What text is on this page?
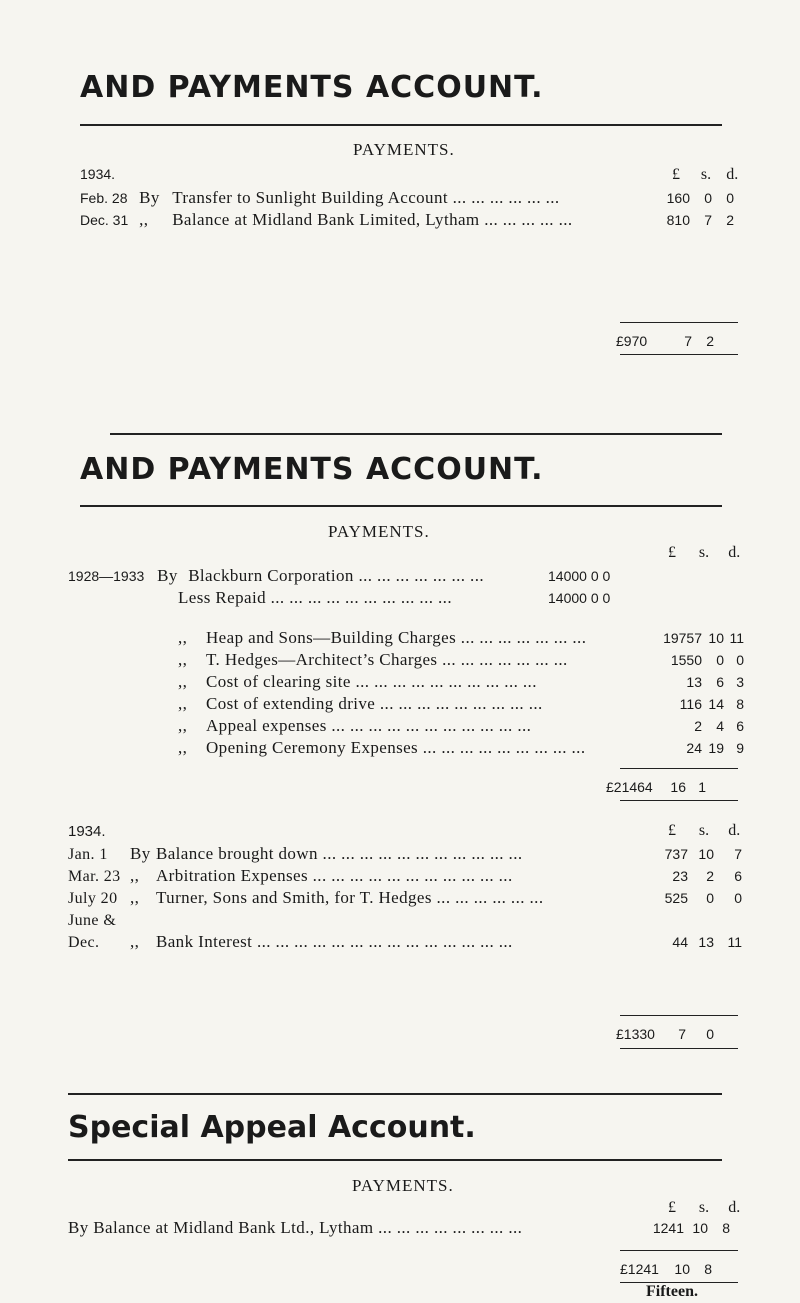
AND PAYMENTS ACCOUNT.
PAYMENTS.
1934.	£ s. d.
Feb. 28 By Transfer to Sunlight Building Account ... ... ... ... ... ...	160	0	0
Dec. 31 ,, Balance at Midland Bank Limited, Lytham ... ... ... ... ...	810	7	2
£970	7	2
AND PAYMENTS ACCOUNT.
PAYMENTS.
£ s. d.
1928—1933 By Blackburn Corporation ... ... ... ... ... ... ...	14000 0 0
Less Repaid ... ... ... ... ... ... ... ... ... ...	14000 0 0
,, Heap and Sons—Building Charges ... ... ... ... ... ... ...	19757 10 11
,, T. Hedges—Architect’s Charges ... ... ... ... ... ... ...	1550	0 0
,, Cost of clearing site ... ... ... ... ... ... ... ... ... ...	13	6 3
,, Cost of extending drive ... ... ... ... ... ... ... ... ...	116 14 8
,, Appeal expenses ... ... ... ... ... ... ... ... ... ... ...	2	4 6
,, Opening Ceremony Expenses ... ... ... ... ... ... ... ... ...	24 19 9
£21464	16 1
1934.	£ s. d.
Jan. 1 By Balance brought down ... ... ... ... ... ... ... ... ... ... ...	737 10	7
Mar. 23 ,, Arbitration Expenses ... ... ... ... ... ... ... ... ... ... ...	23	2	6
July 20 ,, Turner, Sons and Smith, for T. Hedges ... ... ... ... ... ...	525	0	0
June &
Dec. ,, Bank Interest ... ... ... ... ... ... ... ... ... ... ... ... ... ...	44 13 11
£1330	7	0
Special Appeal Account.
PAYMENTS.
£ s. d.
By Balance at Midland Bank Ltd., Lytham ... ... ... ... ... ... ... ...	1241 10	8
£1241	10	8
Fifteen.
